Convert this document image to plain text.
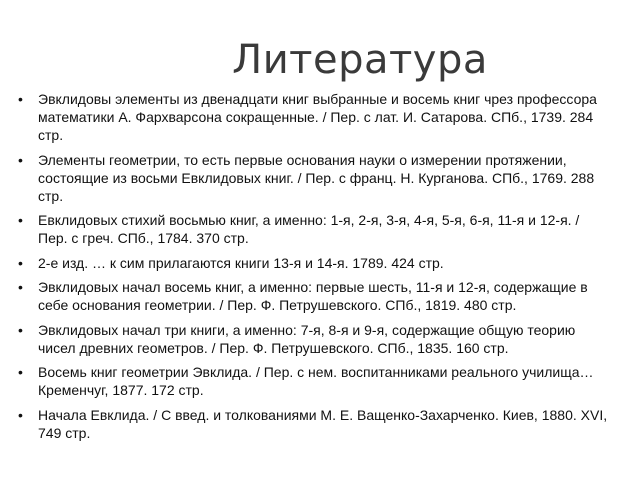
Литература
• Эвклидовы элементы из двенадцати книг выбранные и восемь книг чрез профессора математики А. Фархварсона сокращенные. / Пер. с лат. И. Сатарова. СПб., 1739. 284 стр.
• Элементы геометрии, то есть первые основания науки о измерении протяжении, состоящие из восьми Евклидовых книг. / Пер. с франц. Н. Курганова. СПб., 1769. 288 стр.
• Евклидовых стихий восьмью книг, а именно: 1-я, 2-я, 3-я, 4-я, 5-я, 6-я, 11-я и 12-я. / Пер. с греч. СПб., 1784. 370 стр.
• 2-е изд. … к сим прилагаются книги 13-я и 14-я. 1789. 424 стр.
• Эвклидовых начал восемь книг, а именно: первые шесть, 11-я и 12-я, содержащие в себе основания геометрии. / Пер. Ф. Петрушевского. СПб., 1819. 480 стр.
• Эвклидовых начал три книги, а именно: 7-я, 8-я и 9-я, содержащие общую теорию чисел древних геометров. / Пер. Ф. Петрушевского. СПб., 1835. 160 стр.
• Восемь книг геометрии Эвклида. / Пер. с нем. воспитанниками реального училища… Кременчуг, 1877. 172 стр.
• Начала Евклида. / С введ. и толкованиями М. Е. Ващенко-Захарченко. Киев, 1880. XVI, 749 стр.
